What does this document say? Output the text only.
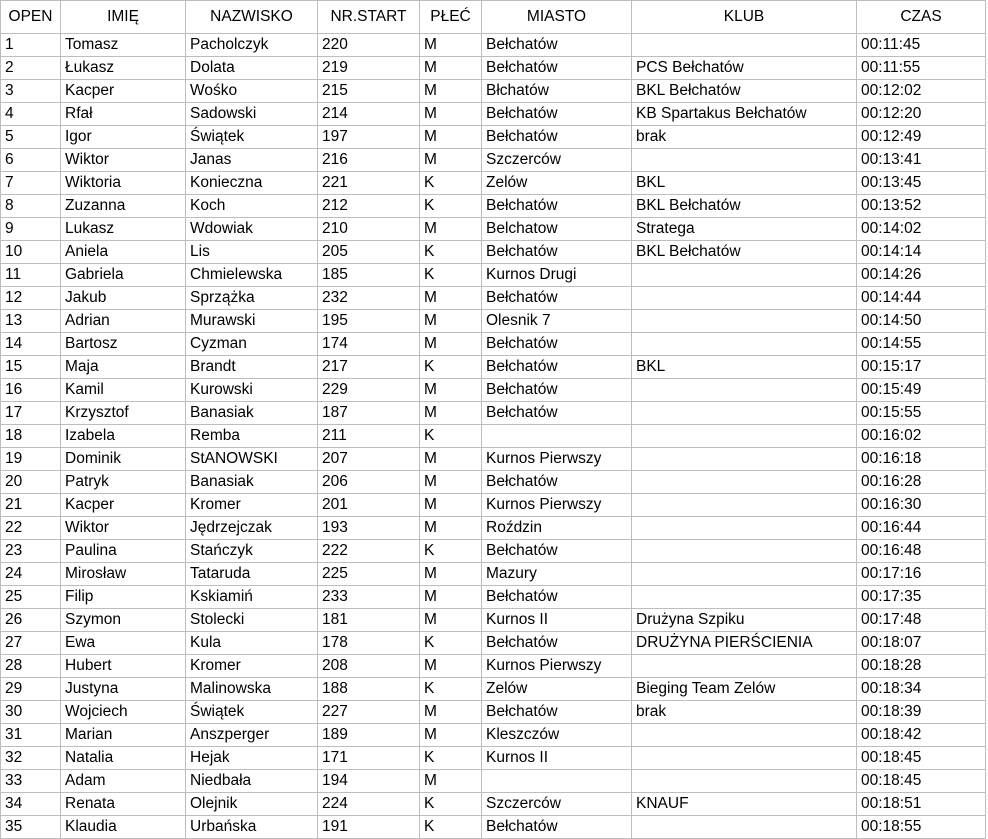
OPEN	IMIĘ	NAZWISKO	NR.START	PŁEĆ	MIASTO	KLUB	CZAS
1	Tomasz	Pacholczyk	220	M	Bełchatów		00:11:45
2	Łukasz	Dolata	219	M	Bełchatów	PCS Bełchatów	00:11:55
3	Kacper	Wośko	215	M	Błchatów	BKL Bełchatów	00:12:02
4	Rfał	Sadowski	214	M	Bełchatów	KB Spartakus Bełchatów	00:12:20
5	Igor	Świątek	197	M	Bełchatów	brak	00:12:49
6	Wiktor	Janas	216	M	Szczerców		00:13:41
7	Wiktoria	Konieczna	221	K	Zelów	BKL	00:13:45
8	Zuzanna	Koch	212	K	Bełchatów	BKL Bełchatów	00:13:52
9	Lukasz	Wdowiak	210	M	Belchatow	Stratega	00:14:02
10	Aniela	Lis	205	K	Bełchatów	BKL Bełchatów	00:14:14
11	Gabriela	Chmielewska	185	K	Kurnos Drugi		00:14:26
12	Jakub	Sprzążka	232	M	Bełchatów		00:14:44
13	Adrian	Murawski	195	M	Olesnik 7		00:14:50
14	Bartosz	Cyzman	174	M	Bełchatów		00:14:55
15	Maja	Brandt	217	K	Bełchatów	BKL	00:15:17
16	Kamil	Kurowski	229	M	Bełchatów		00:15:49
17	Krzysztof	Banasiak	187	M	Bełchatów		00:15:55
18	Izabela	Remba	211	K			00:16:02
19	Dominik	StANOWSKI	207	M	Kurnos Pierwszy		00:16:18
20	Patryk	Banasiak	206	M	Bełchatów		00:16:28
21	Kacper	Kromer	201	M	Kurnos Pierwszy		00:16:30
22	Wiktor	Jędrzejczak	193	M	Roździn		00:16:44
23	Paulina	Stańczyk	222	K	Bełchatów		00:16:48
24	Mirosław	Tataruda	225	M	Mazury		00:17:16
25	Filip	Kskiamiń	233	M	Bełchatów		00:17:35
26	Szymon	Stolecki	181	M	Kurnos II	Drużyna Szpiku	00:17:48
27	Ewa	Kula	178	K	Bełchatów	DRUŻYNA PIERŚCIENIA	00:18:07
28	Hubert	Kromer	208	M	Kurnos Pierwszy		00:18:28
29	Justyna	Malinowska	188	K	Zelów	Bieging Team Zelów	00:18:34
30	Wojciech	Świątek	227	M	Bełchatów	brak	00:18:39
31	Marian	Anszperger	189	M	Kleszczów		00:18:42
32	Natalia	Hejak	171	K	Kurnos II		00:18:45
33	Adam	Niedbała	194	M			00:18:45
34	Renata	Olejnik	224	K	Szczerców	KNAUF	00:18:51
35	Klaudia	Urbańska	191	K	Bełchatów		00:18:55
